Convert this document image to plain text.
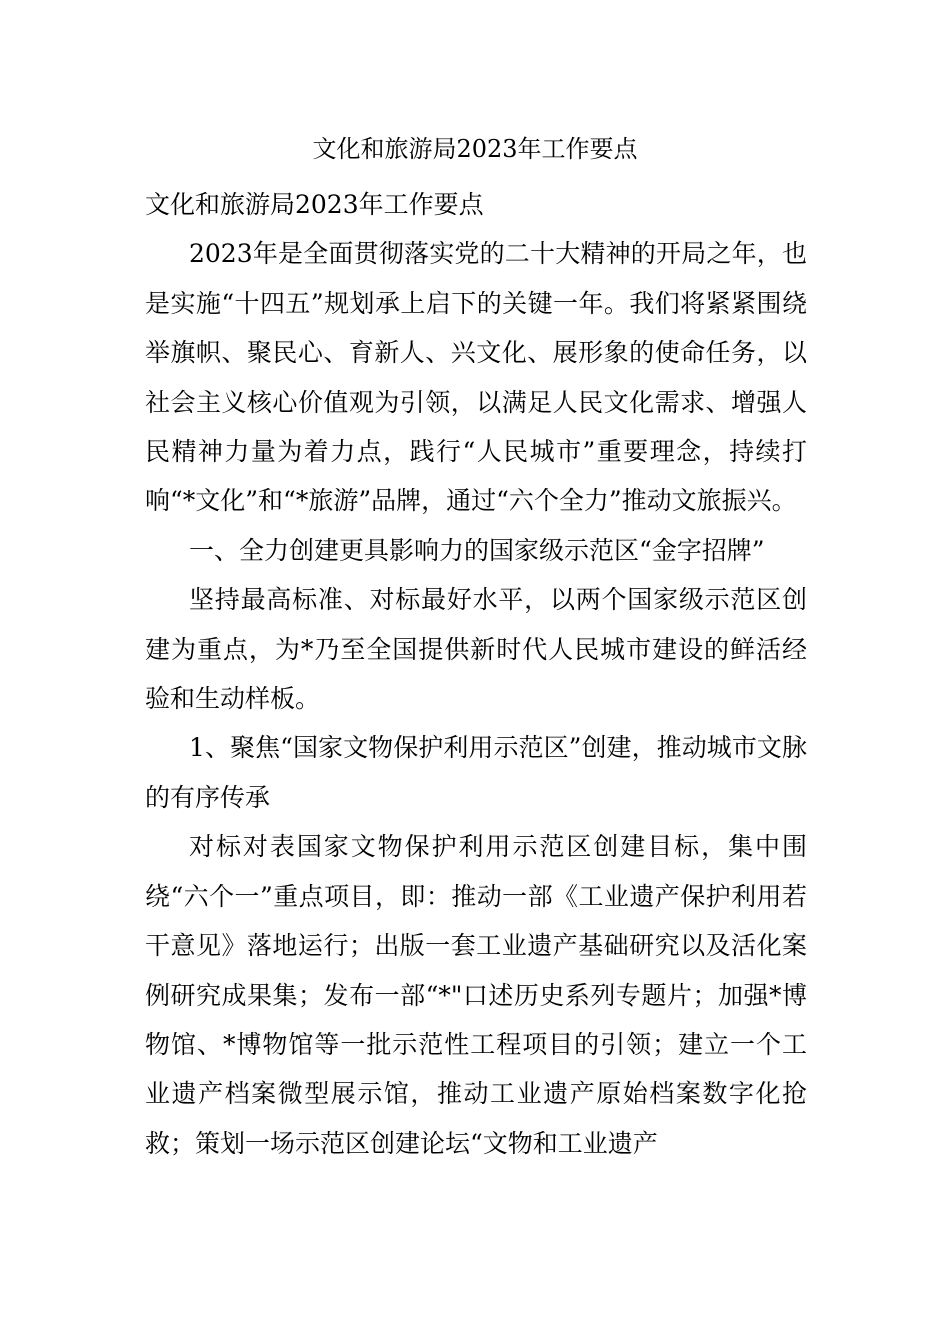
文化和旅游局2023年工作要点

文化和旅游局2023年工作要点

2023年是全面贯彻落实党的二十大精神的开局之年，也是实施“十四五”规划承上启下的关键一年。我们将紧紧围绕举旗帜、聚民心、育新人、兴文化、展形象的使命任务，以社会主义核心价值观为引领，以满足人民文化需求、增强人民精神力量为着力点，践行“人民城市”重要理念，持续打响“*文化”和“*旅游”品牌，通过“六个全力”推动文旅振兴。

一、全力创建更具影响力的国家级示范区“金字招牌”

坚持最高标准、对标最好水平，以两个国家级示范区创建为重点，为*乃至全国提供新时代人民城市建设的鲜活经验和生动样板。

1、聚焦“国家文物保护利用示范区”创建，推动城市文脉的有序传承

对标对表国家文物保护利用示范区创建目标，集中围绕“六个一”重点项目，即：推动一部《工业遗产保护利用若干意见》落地运行；出版一套工业遗产基础研究以及活化案例研究成果集；发布一部“*"口述历史系列专题片；加强*博物馆、*博物馆等一批示范性工程项目的引领；建立一个工业遗产档案微型展示馆，推动工业遗产原始档案数字化抢救；策划一场示范区创建论坛“文物和工业遗产
